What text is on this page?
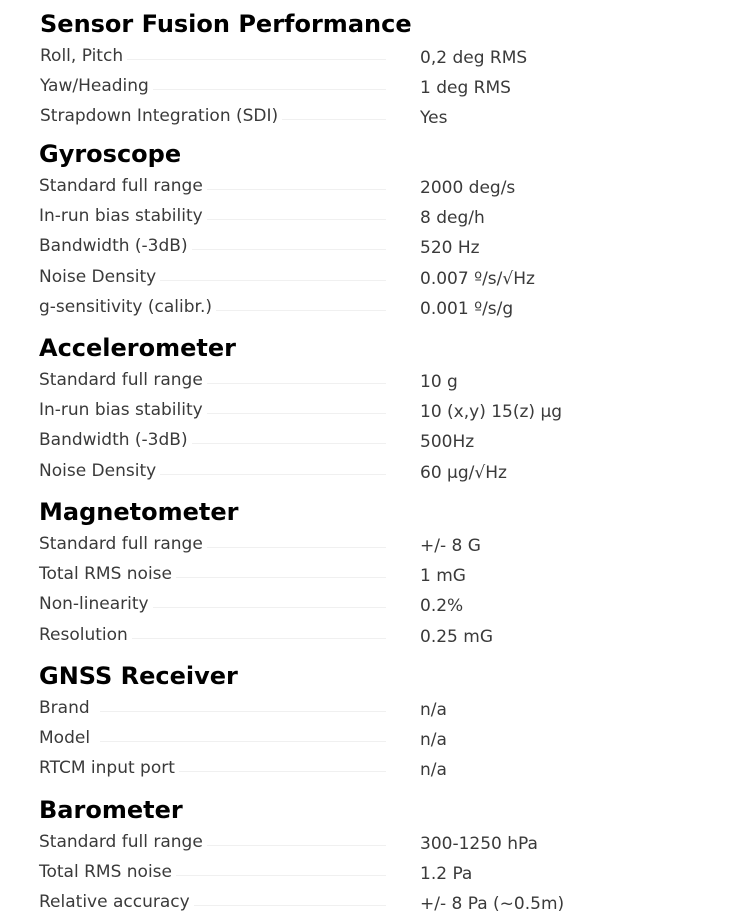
Sensor Fusion Performance
Roll, Pitch	0,2 deg RMS
Yaw/Heading	1 deg RMS
Strapdown Integration (SDI)	Yes
Gyroscope
Standard full range	2000 deg/s
In-run bias stability	8 deg/h
Bandwidth (-3dB)	520 Hz
Noise Density	0.007 º/s/√Hz
g-sensitivity (calibr.)	0.001 º/s/g
Accelerometer
Standard full range	10 g
In-run bias stability	10 (x,y) 15(z) µg
Bandwidth (-3dB)	500Hz
Noise Density	60 µg/√Hz
Magnetometer
Standard full range	+/- 8 G
Total RMS noise	1 mG
Non-linearity	0.2%
Resolution	0.25 mG
GNSS Receiver
Brand	n/a
Model	n/a
RTCM input port	n/a
Barometer
Standard full range	300-1250 hPa
Total RMS noise	1.2 Pa
Relative accuracy	+/- 8 Pa (~0.5m)
